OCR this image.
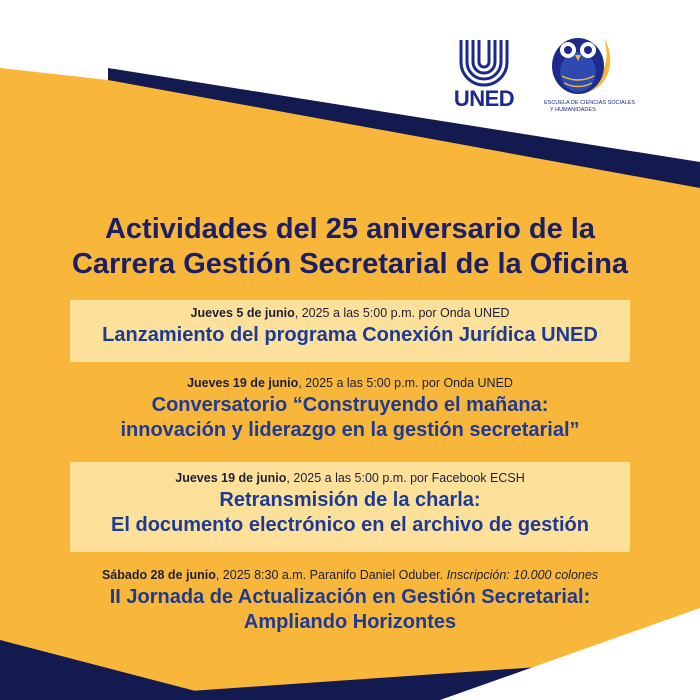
UNED	ESCUELA DE CIENCIAS SOCIALES
Y HUMANIDADES
Actividades del 25 aniversario de la
Carrera Gestión Secretarial de la Oficina
Jueves 5 de junio, 2025 a las 5:00 p.m. por Onda UNED
Lanzamiento del programa Conexión Jurídica UNED
Jueves 19 de junio, 2025 a las 5:00 p.m. por Onda UNED
Conversatorio “Construyendo el mañana:
innovación y liderazgo en la gestión secretarial”
Jueves 19 de junio, 2025 a las 5:00 p.m. por Facebook ECSH
Retransmisión de la charla:
El documento electrónico en el archivo de gestión
Sábado 28 de junio, 2025 8:30 a.m. Paranifo Daniel Oduber. Inscripción: 10.000 colones
II Jornada de Actualización en Gestión Secretarial:
Ampliando Horizontes
